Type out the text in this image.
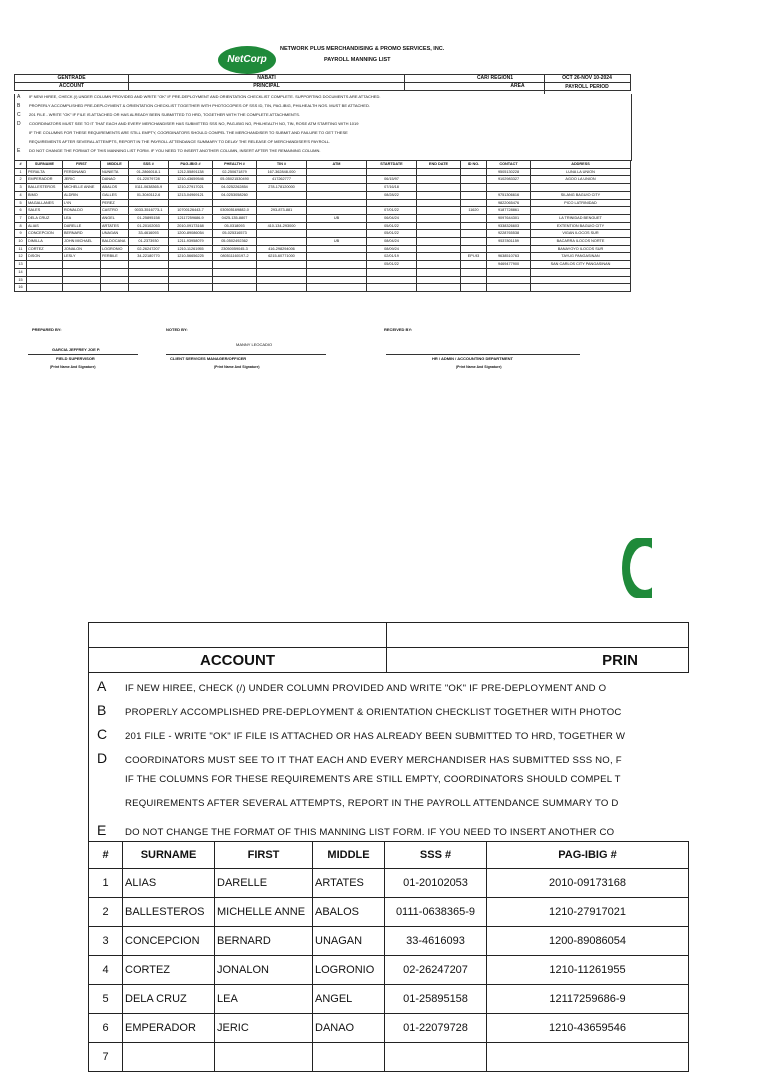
NetCorp
NETWORK PLUS MERCHANDISING & PROMO SERVICES, INC.
PAYROLL MANNING LIST
GENTRADE	NABATI	CAR/ REGION1
ACCOUNT	PRINCIPAL	AREA
A IF NEW HIREE, CHECK (/) UNDER COLUMN PROVIDED AND WRITE "OK" IF PRE-DEPLOYMENT AND ORIENTATION CHECKLIST COMPLETE. SUPPORTING DOCUMENTS ARE ATTACHED.
B PROPERLY ACCOMPLISHED PRE-DEPLOYMENT & ORIENTATION CHECKLIST TOGETHER WITH PHOTOCOPIES OF SSS ID, TIN, PAG-IBIG, PHILHEALTH NOS. MUST BE ATTACHED.
C 201 FILE - WRITE "OK" IF FILE IS ATTACHED OR HAS ALREADY BEEN SUBMITTED TO HRD, TOGETHER WITH THE COMPLETE ATTACHMENTS.
D COORDINATORS MUST SEE TO IT THAT EACH AND EVERY MERCHANDISER HAS SUBMITTED SSS NO, PAG-IBIG NO, PHILHEALTH NO, TIN, ROSE ATM STARTING WITH 1019
IF THE COLUMNS FOR THESE REQUIREMENTS ARE STILL EMPTY, COORDINATORS SHOULD COMPEL THE MERCHANDISER TO SUBMIT AND FAILURE TO GET THESE
REQUIREMENTS AFTER SEVERAL ATTEMPTS, REPORT IN THE PAYROLL ATTENDANCE SUMMARY TO DELAY THE RELEASE OF MERCHANDISER'S PAYROLL.
E DO NOT CHANGE THE FORMAT OF THIS MANNING LIST FORM. IF YOU NEED TO INSERT ANOTHER COLUMN, INSERT AFTER THE REMAINING COLUMN.
#	SURNAME	FIRST	MIDDLE	SSS #	PAG-IBIG #	PHEALTH #	TIN #	ATM	STARTDATE	END DATE	ID NO.	CONTACT	ADDRESS
1	PERALTA	FERDINAND	NUNIETA	01-2866018-1	1212-55891138	02-250671879	167-362848-000					9505130228	LUNA LA UNION
2	EMPERADOR	JERIC	DANAO	01-22079728	1210-43659546	05-05021530490	417262777		06/15/97			9102983327	AGOO LA UNION
3	BALLESTEROS	MICHELLE ANNE	ABALOS	0111-0638365-9	1210-27917021	04-0252262854	278-178120000		07/16/18				
4	BIMO	ALDRIN	GALLES	01-3040112-6	1213-04969121	04-0253058260			08/28/22			9751306616	SILANG BAGUIO CITY
5	MAGALLANES	LYN	PEREZ									9822065476	PICO LATRINIDAD
6	SALES	RONALDO	CASTRO	0033-3516773-1	10700126443-7	030505169882-0	293-873-881		07/01/22		11620	9187728861	
7	DELA CRUZ	LEA	ANGEL	01-25895158	12117259686-9	0425-135-8807		UB	06/04/24			9097644301	LA TRINIDAD BENGUET
8	ALIAS	DARELLE	ARTATES	01-20102053	2010-09173168	05-0318093	410-134-293000		05/01/22			9338326603	EXTENTION BAGUIO CITY
9	CONCEPCION	BERNARD	UNAGAN	33-4616093	1200-89086054	05-025316573			05/01/22			9228765538	VIGAN ILOCOS SUR
10	DIMILLA	JOHN MICHAEL	BALDOCANA	01-2373930	1211-93958079	05-0502492362		UB	08/04/24			9537801159	BACARRA ILOCOS NORTE
11	CORTEZ	JONALON	LOGRONIO	02-26247207	1210-11261955	23050059045-3	416-298294006		08/09/24				BANAYOYO ILOCOS SUR
12	DISON	LESLY	FERBILE	34-22180770	1210-56656225	080511160197-2	6215-60771000		02/01/19		EPI-93	9638510763	TAYUG PANGASINAN
13									05/01/22			9469477900	SAN CARLOS CITY PANGASINAN
14													
15													
16													
PREPARED BY:	NOTED BY:	RECEIVED BY:
MANNY LEOCADIO
GARCIA JEFFREY JOE P.
FIELD SUPERVISOR	CLIENT SERVICES MANAGER/OFFICER	HR / ADMIN / ACCOUNTING DEPARTMENT
(Print Name And Signature)	(Print Name And Signature)	(Print Name And Signature)
OCT 26-NOV 10-2024
PAYROLL PERIOD

ACCOUNT	PRIN
A IF NEW HIREE, CHECK (/) UNDER COLUMN PROVIDED AND WRITE "OK" IF PRE-DEPLOYMENT AND O
B PROPERLY ACCOMPLISHED PRE-DEPLOYMENT & ORIENTATION CHECKLIST TOGETHER WITH PHOTOC
C 201 FILE - WRITE "OK" IF FILE IS ATTACHED OR HAS ALREADY BEEN SUBMITTED TO HRD, TOGETHER W
D COORDINATORS MUST SEE TO IT THAT EACH AND EVERY MERCHANDISER HAS SUBMITTED SSS NO, F
IF THE COLUMNS FOR THESE REQUIREMENTS ARE STILL EMPTY, COORDINATORS SHOULD COMPEL T
REQUIREMENTS AFTER SEVERAL ATTEMPTS, REPORT IN THE PAYROLL ATTENDANCE SUMMARY TO D
E DO NOT CHANGE THE FORMAT OF THIS MANNING LIST FORM. IF YOU NEED TO INSERT ANOTHER CO
#	SURNAME	FIRST	MIDDLE	SSS #	PAG-IBIG #
1	ALIAS	DARELLE	ARTATES	01-20102053	2010-09173168
2	BALLESTEROS	MICHELLE ANNE	ABALOS	0111-0638365-9	1210-27917021
3	CONCEPCION	BERNARD	UNAGAN	33-4616093	1200-89086054
4	CORTEZ	JONALON	LOGRONIO	02-26247207	1210-11261955
5	DELA CRUZ	LEA	ANGEL	01-25895158	12117259686-9
6	EMPERADOR	JERIC	DANAO	01-22079728	1210-43659546
7					
